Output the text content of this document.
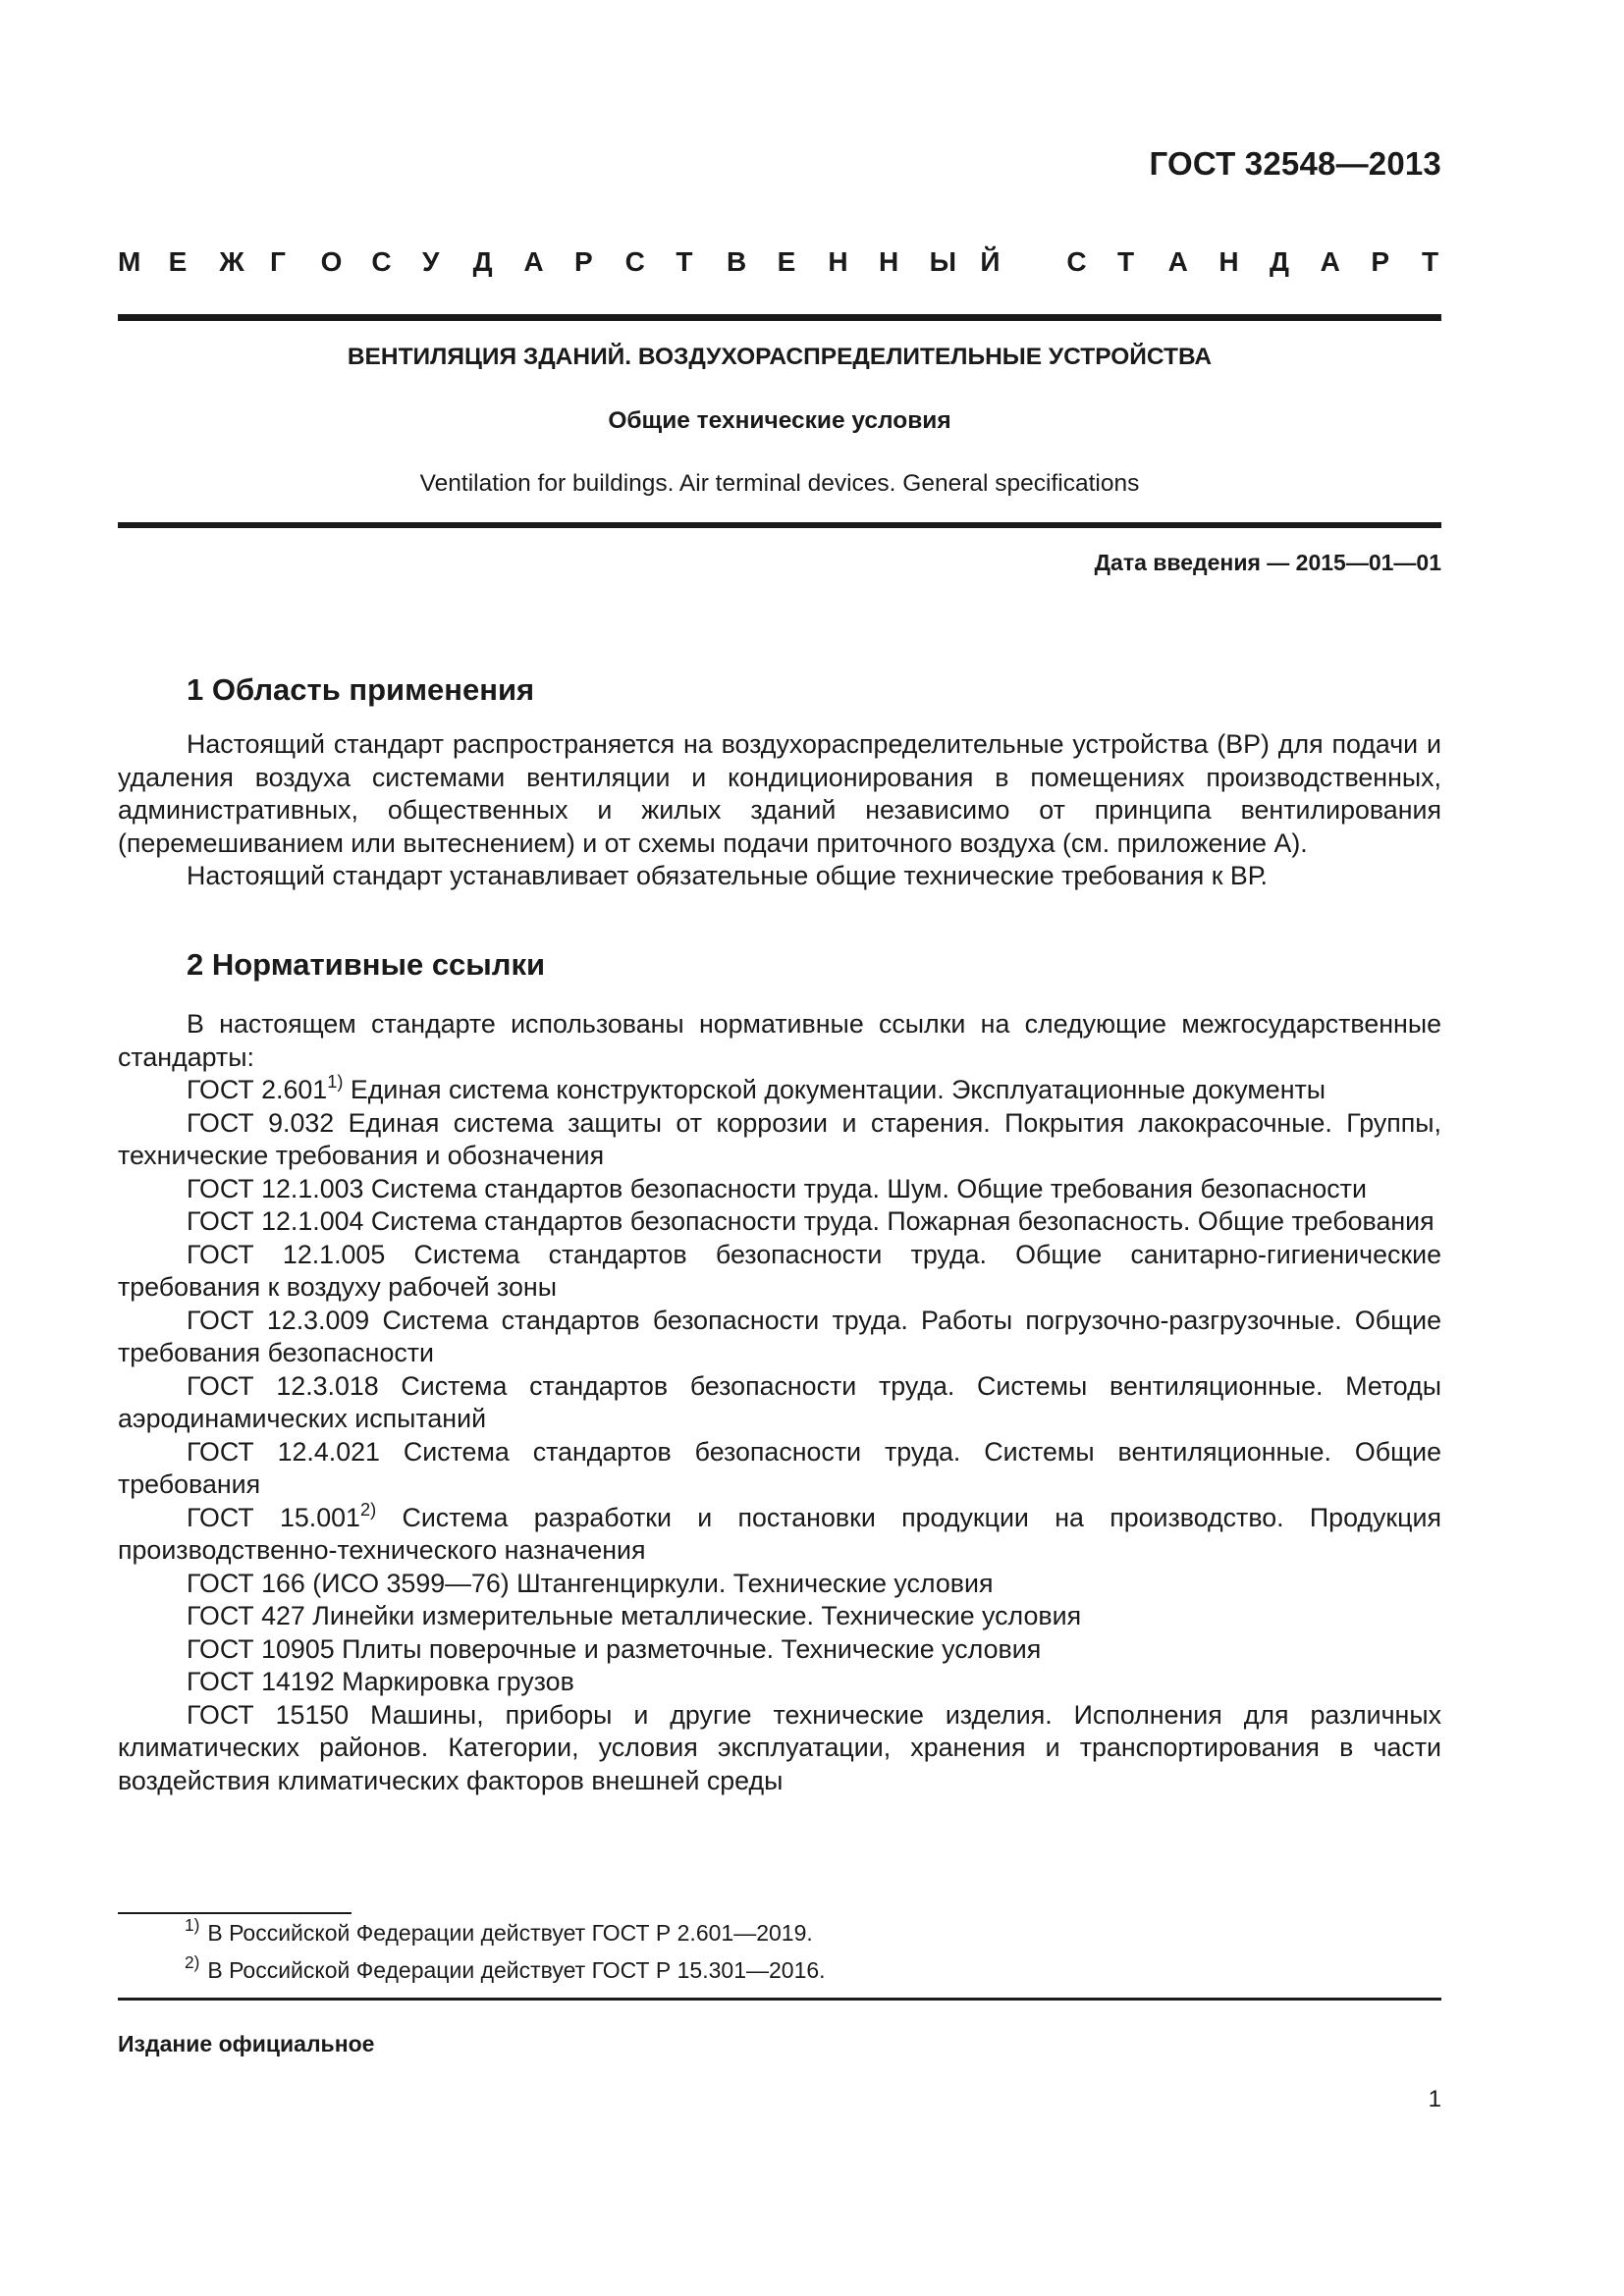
ГОСТ 32548—2013
М Е Ж Г О С У Д А Р С Т В Е Н Н Ы Й С Т А Н Д А Р Т
ВЕНТИЛЯЦИЯ ЗДАНИЙ. ВОЗДУХОРАСПРЕДЕЛИТЕЛЬНЫЕ УСТРОЙСТВА
Общие технические условия
Ventilation for buildings. Air terminal devices. General specifications
Дата введения — 2015—01—01
1 Область применения
Настоящий стандарт распространяется на воздухораспределительные устройства (ВР) для подачи и удаления воздуха системами вентиляции и кондиционирования в помещениях производственных, административных, общественных и жилых зданий независимо от принципа вентилирования (перемешиванием или вытеснением) и от схемы подачи приточного воздуха (см. приложение А).
Настоящий стандарт устанавливает обязательные общие технические требования к ВР.
2 Нормативные ссылки
В настоящем стандарте использованы нормативные ссылки на следующие межгосударственные стандарты:
ГОСТ 2.601$^{1)}$ Единая система конструкторской документации. Эксплуатационные документы
ГОСТ 9.032 Единая система защиты от коррозии и старения. Покрытия лакокрасочные. Группы, технические требования и обозначения
ГОСТ 12.1.003 Система стандартов безопасности труда. Шум. Общие требования безопасности
ГОСТ 12.1.004 Система стандартов безопасности труда. Пожарная безопасность. Общие требования
ГОСТ 12.1.005 Система стандартов безопасности труда. Общие санитарно-гигиенические требования к воздуху рабочей зоны
ГОСТ 12.3.009 Система стандартов безопасности труда. Работы погрузочно-разгрузочные. Общие требования безопасности
ГОСТ 12.3.018 Система стандартов безопасности труда. Системы вентиляционные. Методы аэродинамических испытаний
ГОСТ 12.4.021 Система стандартов безопасности труда. Системы вентиляционные. Общие требования
ГОСТ 15.001$^{2)}$ Система разработки и постановки продукции на производство. Продукция производственно-технического назначения
ГОСТ 166 (ИСО 3599—76) Штангенциркули. Технические условия
ГОСТ 427 Линейки измерительные металлические. Технические условия
ГОСТ 10905 Плиты поверочные и разметочные. Технические условия
ГОСТ 14192 Маркировка грузов
ГОСТ 15150 Машины, приборы и другие технические изделия. Исполнения для различных климатических районов. Категории, условия эксплуатации, хранения и транспортирования в части воздействия климатических факторов внешней среды
$^{1)}$ В Российской Федерации действует ГОСТ Р 2.601—2019.
$^{2)}$ В Российской Федерации действует ГОСТ Р 15.301—2016.
Издание официальное
1
